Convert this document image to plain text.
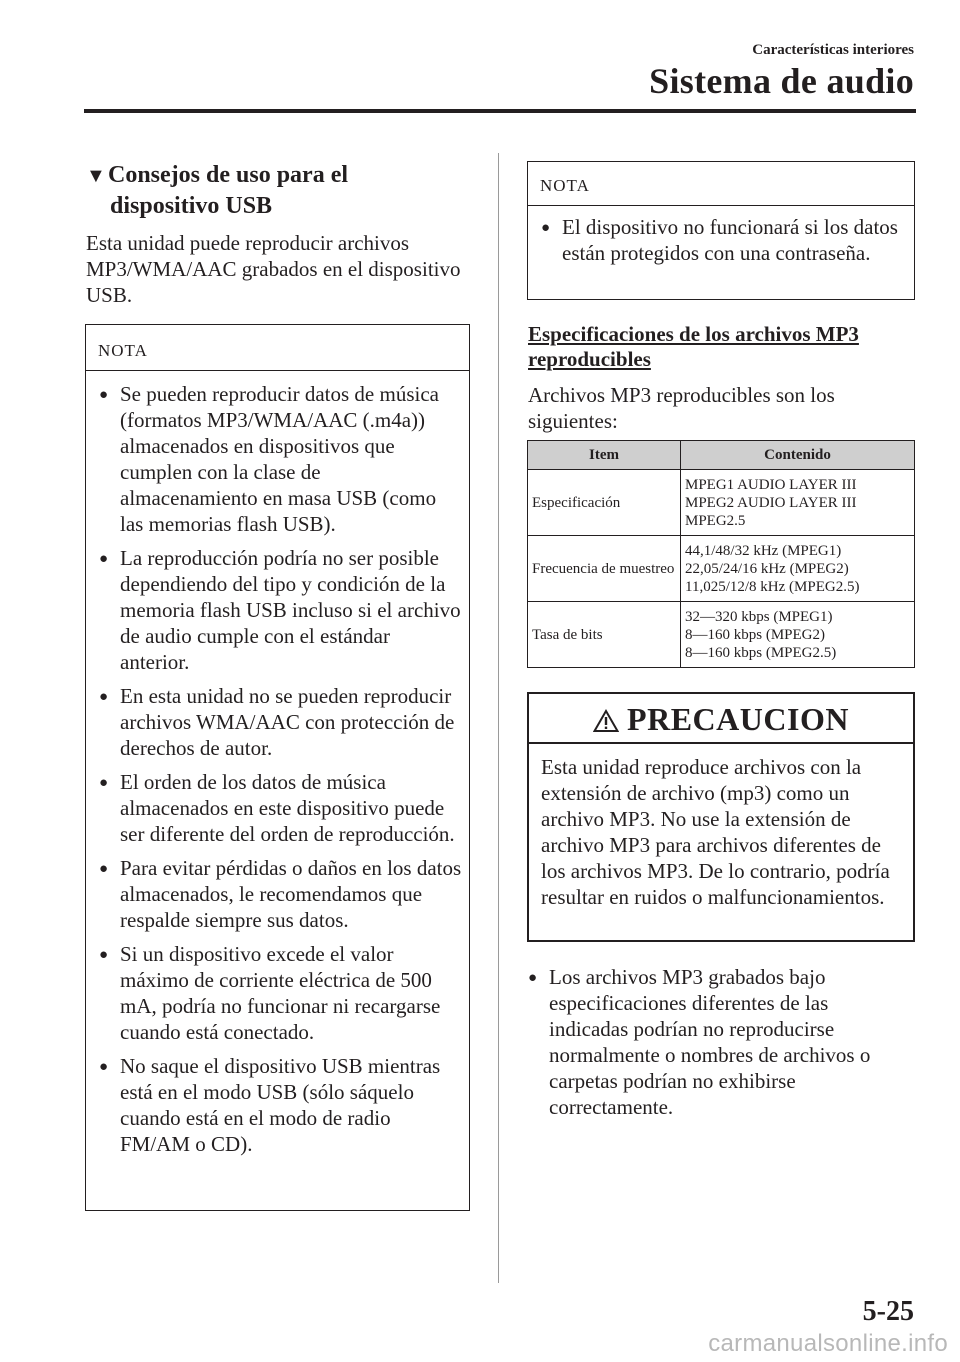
Características interiores
Sistema de audio
▼Consejos de uso para el
dispositivo USB
Esta unidad puede reproducir archivos MP3/WMA/AAC grabados en el dispositivo USB.
NOTA
● Se pueden reproducir datos de música (formatos MP3/WMA/AAC (.m4a)) almacenados en dispositivos que cumplen con la clase de almacenamiento en masa USB (como las memorias flash USB).
● La reproducción podría no ser posible dependiendo del tipo y condición de la memoria flash USB incluso si el archivo de audio cumple con el estándar anterior.
● En esta unidad no se pueden reproducir archivos WMA/AAC con protección de derechos de autor.
● El orden de los datos de música almacenados en este dispositivo puede ser diferente del orden de reproducción.
● Para evitar pérdidas o daños en los datos almacenados, le recomendamos que respalde siempre sus datos.
● Si un dispositivo excede el valor máximo de corriente eléctrica de 500 mA, podría no funcionar ni recargarse cuando está conectado.
● No saque el dispositivo USB mientras está en el modo USB (sólo sáquelo cuando está en el modo de radio FM/AM o CD).
NOTA
● El dispositivo no funcionará si los datos están protegidos con una contraseña.
Especificaciones de los archivos MP3 reproducibles
Archivos MP3 reproducibles son los siguientes:
Item	Contenido
Especificación	MPEG1 AUDIO LAYER III
MPEG2 AUDIO LAYER III
MPEG2.5

Frecuencia de muestreo	44,1/48/32 kHz (MPEG1)
22,05/24/16 kHz (MPEG2)
11,025/12/8 kHz (MPEG2.5)

Tasa de bits	32—320 kbps (MPEG1)
8—160 kbps (MPEG2)
8—160 kbps (MPEG2.5)
PRECAUCION
Esta unidad reproduce archivos con la extensión de archivo (mp3) como un archivo MP3. No use la extensión de archivo MP3 para archivos diferentes de los archivos MP3. De lo contrario, podría resultar en ruidos o malfuncionamientos.
● Los archivos MP3 grabados bajo especificaciones diferentes de las indicadas podrían no reproducirse normalmente o nombres de archivos o carpetas podrían no exhibirse correctamente.
5-25
carmanualsonline.info
